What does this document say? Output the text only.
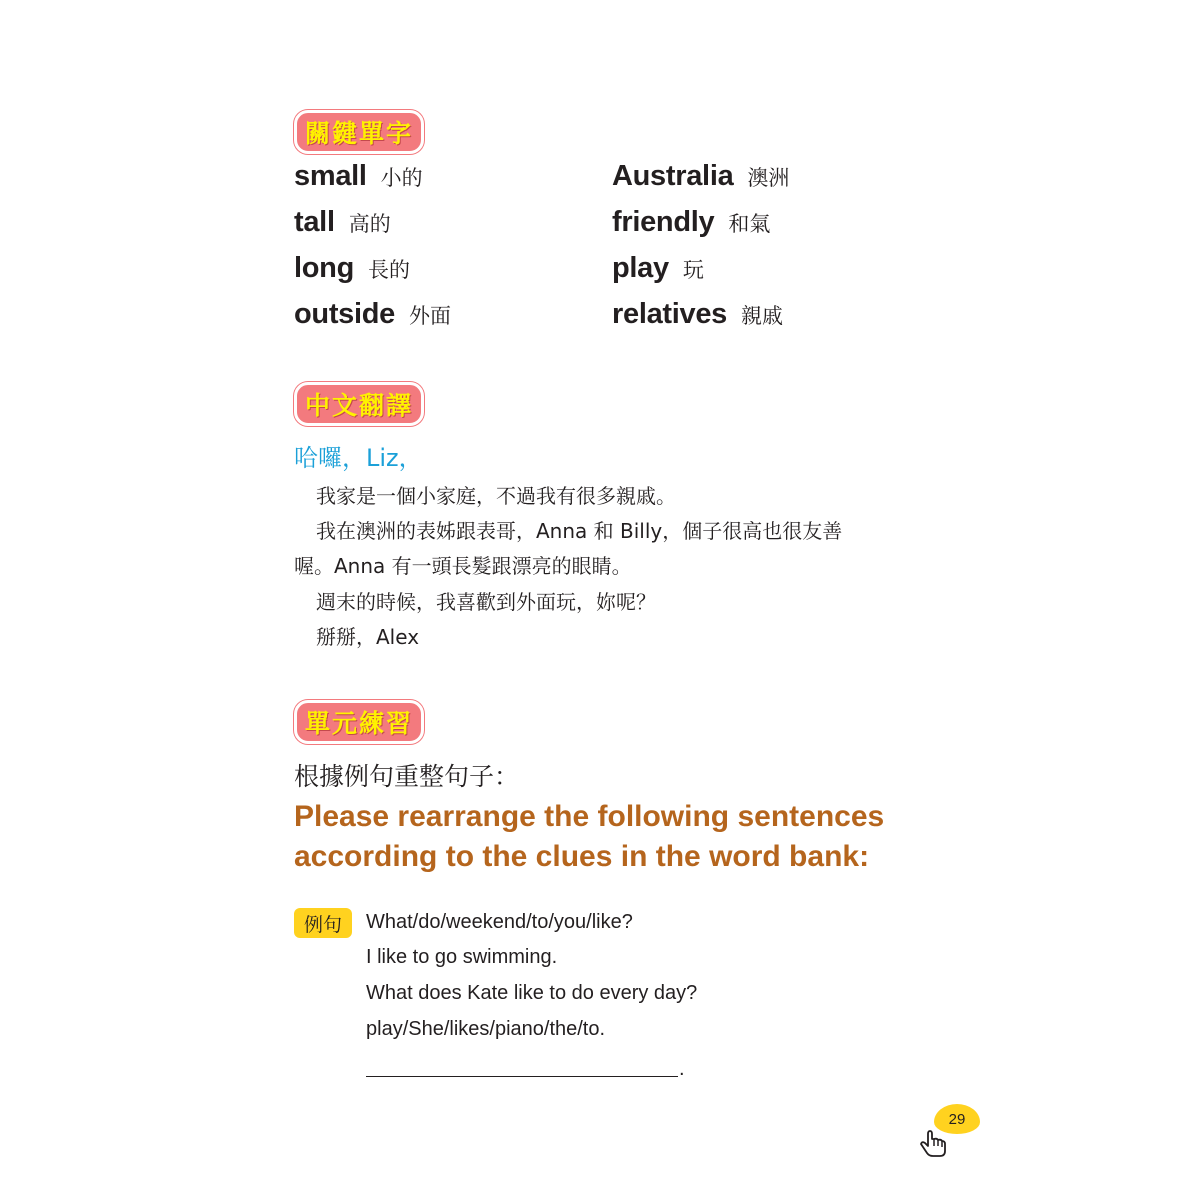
關鍵單字
small 小的
tall 高的
long 長的
outside 外面
Australia 澳洲
friendly 和氣
play 玩
relatives 親戚
中文翻譯
哈囉，Liz，
我家是一個小家庭，不過我有很多親戚。
我在澳洲的表姊跟表哥，Anna 和 Billy，個子很高也很友善
喔。Anna 有一頭長髮跟漂亮的眼睛。
週末的時候，我喜歡到外面玩，妳呢？
掰掰，Alex
單元練習
根據例句重整句子：
Please rearrange the following sentences
according to the clues in the word bank:
例句	What/do/weekend/to/you/like?
I like to go swimming.
What does Kate like to do every day?
play/She/likes/piano/the/to.
.
29
